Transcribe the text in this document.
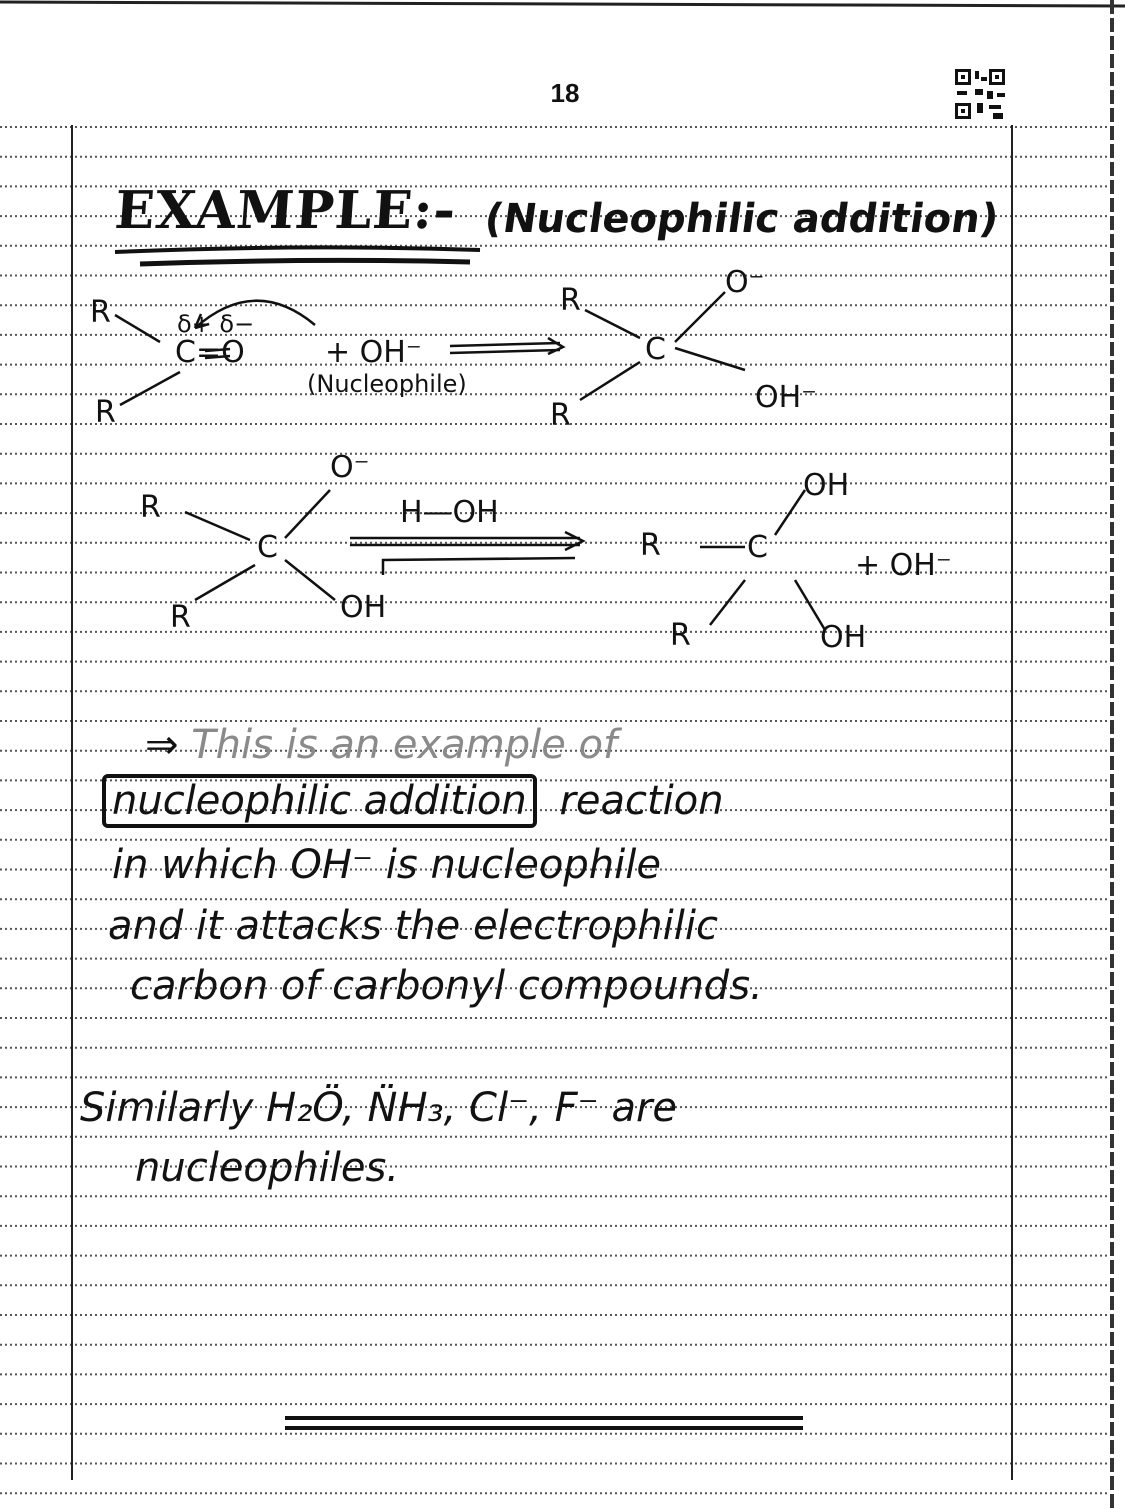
18
EXAMPLE:- (Nucleophilic addition)
R
R
δ+ δ−
C=O	+ OH⁻
(Nucleophile)
R
R
C
O⁻
OH⁻
R
R
C
O⁻
OH
H—OH
R
R
C
OH
OH
+ OH⁻
⇒ This is an example of
nucleophilic addition reaction
in which OH⁻ is nucleophile
and it attacks the electrophilic
carbon of carbonyl compounds.
Similarly H₂Ö, N̈H₃, Cl⁻, F⁻ are
nucleophiles.
